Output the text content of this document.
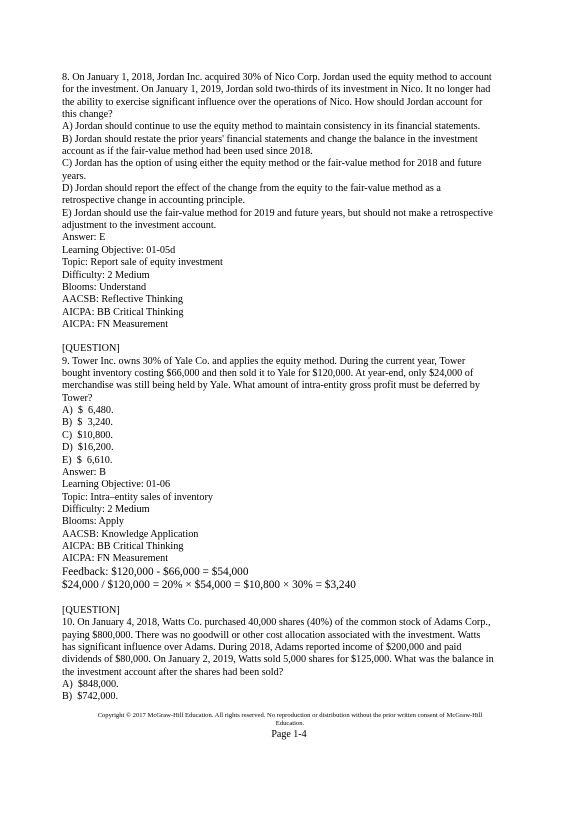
8. On January 1, 2018, Jordan Inc. acquired 30% of Nico Corp. Jordan used the equity method to account
for the investment. On January 1, 2019, Jordan sold two-thirds of its investment in Nico. It no longer had
the ability to exercise significant influence over the operations of Nico. How should Jordan account for
this change?
A) Jordan should continue to use the equity method to maintain consistency in its financial statements.
B) Jordan should restate the prior years' financial statements and change the balance in the investment
account as if the fair-value method had been used since 2018.
C) Jordan has the option of using either the equity method or the fair-value method for 2018 and future
years.
D) Jordan should report the effect of the change from the equity to the fair-value method as a
retrospective change in accounting principle.
E) Jordan should use the fair-value method for 2019 and future years, but should not make a retrospective
adjustment to the investment account.
Answer: E
Learning Objective: 01-05d
Topic: Report sale of equity investment
Difficulty: 2 Medium
Blooms: Understand
AACSB: Reflective Thinking
AICPA: BB Critical Thinking
AICPA: FN Measurement
[QUESTION]
9. Tower Inc. owns 30% of Yale Co. and applies the equity method. During the current year, Tower
bought inventory costing $66,000 and then sold it to Yale for $120,000. At year-end, only $24,000 of
merchandise was still being held by Yale. What amount of intra-entity gross profit must be deferred by
Tower?
A)  $  6,480.
B)  $  3,240.
C)  $10,800.
D)  $16,200.
E)  $  6,610.
Answer: B
Learning Objective: 01-06
Topic: Intra–entity sales of inventory
Difficulty: 2 Medium
Blooms: Apply
AACSB: Knowledge Application
AICPA: BB Critical Thinking
AICPA: FN Measurement
Feedback: $120,000 - $66,000 = $54,000
$24,000 / $120,000 = 20% × $54,000 = $10,800 × 30% = $3,240
[QUESTION]
10. On January 4, 2018, Watts Co. purchased 40,000 shares (40%) of the common stock of Adams Corp.,
paying $800,000. There was no goodwill or other cost allocation associated with the investment. Watts
has significant influence over Adams. During 2018, Adams reported income of $200,000 and paid
dividends of $80,000. On January 2, 2019, Watts sold 5,000 shares for $125,000. What was the balance in
the investment account after the shares had been sold?
A)  $848,000.
B)  $742,000.
Copyright © 2017 McGraw-Hill Education. All rights reserved. No reproduction or distribution without the prior written consent of McGraw-Hill
Education.
Page 1-4
